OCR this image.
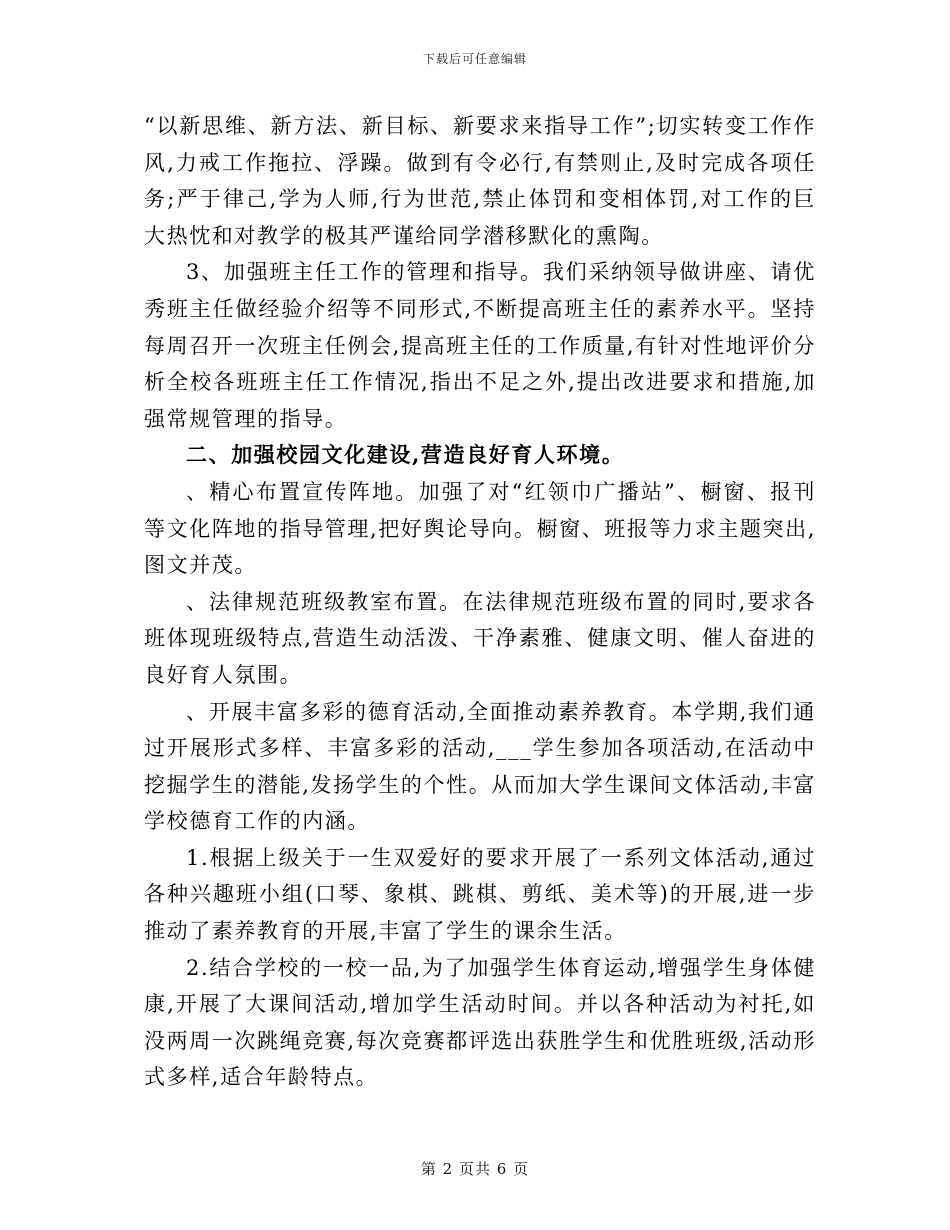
下载后可任意编辑

“以新思维、新方法、新目标、新要求来指导工作”;切实转变工作作风,力戒工作拖拉、浮躁。做到有令必行,有禁则止,及时完成各项任务;严于律己,学为人师,行为世范,禁止体罚和变相体罚,对工作的巨大热忱和对教学的极其严谨给同学潜移默化的熏陶。

3、加强班主任工作的管理和指导。我们采纳领导做讲座、请优秀班主任做经验介绍等不同形式,不断提高班主任的素养水平。坚持每周召开一次班主任例会,提高班主任的工作质量,有针对性地评价分析全校各班班主任工作情况,指出不足之外,提出改进要求和措施,加强常规管理的指导。

二、加强校园文化建设,营造良好育人环境。

、精心布置宣传阵地。加强了对“红领巾广播站”、橱窗、报刊等文化阵地的指导管理,把好舆论导向。橱窗、班报等力求主题突出,图文并茂。

、法律规范班级教室布置。在法律规范班级布置的同时,要求各班体现班级特点,营造生动活泼、干净素雅、健康文明、催人奋进的良好育人氛围。

、开展丰富多彩的德育活动,全面推动素养教育。本学期,我们通过开展形式多样、丰富多彩的活动,___学生参加各项活动,在活动中挖掘学生的潜能,发扬学生的个性。从而加大学生课间文体活动,丰富学校德育工作的内涵。

1.根据上级关于一生双爱好的要求开展了一系列文体活动,通过各种兴趣班小组(口琴、象棋、跳棋、剪纸、美术等)的开展,进一步推动了素养教育的开展,丰富了学生的课余生活。

2.结合学校的一校一品,为了加强学生体育运动,增强学生身体健康,开展了大课间活动,增加学生活动时间。并以各种活动为衬托,如没两周一次跳绳竞赛,每次竞赛都评选出获胜学生和优胜班级,活动形式多样,适合年龄特点。

第 2 页共 6 页
